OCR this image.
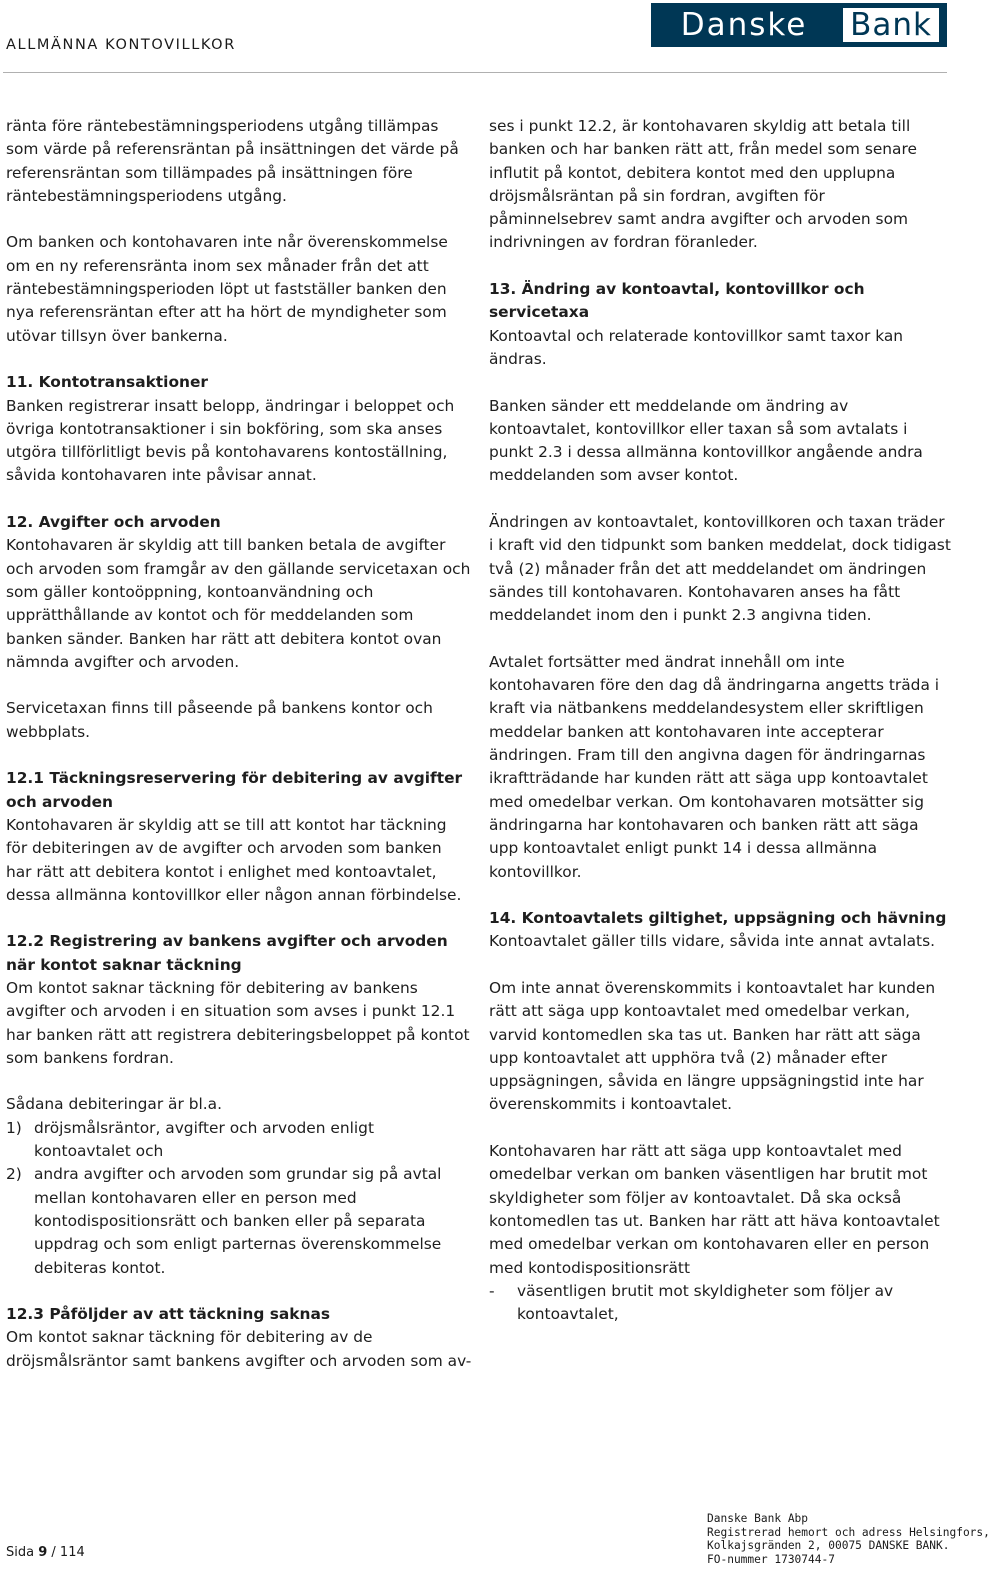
ALLMÄNNA KONTOVILLKOR
Danske	Bank

ränta före räntebestämningsperiodens utgång tillämpas som värde på referensräntan på insättningen det värde på referensräntan som tillämpades på insättningen före räntebestämningsperiodens utgång.

Om banken och kontohavaren inte når överenskommelse om en ny referensränta inom sex månader från det att räntebestämningsperioden löpt ut fastställer banken den nya referensräntan efter att ha hört de myndigheter som utövar tillsyn över bankerna.

11. Kontotransaktioner

Banken registrerar insatt belopp, ändringar i beloppet och övriga kontotransaktioner i sin bokföring, som ska anses utgöra tillförlitligt bevis på kontohavarens kontoställning, såvida kontohavaren inte påvisar annat.

12. Avgifter och arvoden

Kontohavaren är skyldig att till banken betala de avgifter och arvoden som framgår av den gällande servicetaxan och som gäller kontoöppning, kontoanvändning och upprätthållande av kontot och för meddelanden som banken sänder. Banken har rätt att debitera kontot ovan nämnda avgifter och arvoden.

Servicetaxan finns till påseende på bankens kontor och webbplats.

12.1 Täckningsreservering för debitering av avgifter och arvoden

Kontohavaren är skyldig att se till att kontot har täckning för debiteringen av de avgifter och arvoden som banken har rätt att debitera kontot i enlighet med kontoavtalet, dessa allmänna kontovillkor eller någon annan förbindelse.

12.2 Registrering av bankens avgifter och arvoden när kontot saknar täckning

Om kontot saknar täckning för debitering av bankens avgifter och arvoden i en situation som avses i punkt 12.1 har banken rätt att registrera debiteringsbeloppet på kontot som bankens fordran.

Sådana debiteringar är bl.a.
1) dröjsmålsräntor, avgifter och arvoden enligt kontoavtalet och
2) andra avgifter och arvoden som grundar sig på avtal mellan kontohavaren eller en person med kontodispositionsrätt och banken eller på separata uppdrag och som enligt parternas överenskommelse debiteras kontot.
12.3 Påföljder av att täckning saknas

Om kontot saknar täckning för debitering av de dröjsmålsräntor samt bankens avgifter och arvoden som av-

ses i punkt 12.2, är kontohavaren skyldig att betala till banken och har banken rätt att, från medel som senare influtit på kontot, debitera kontot med den upplupna dröjsmålsräntan på sin fordran, avgiften för påminnelsebrev samt andra avgifter och arvoden som indrivningen av fordran föranleder.

13. Ändring av kontoavtal, kontovillkor och servicetaxa

Kontoavtal och relaterade kontovillkor samt taxor kan ändras.

Banken sänder ett meddelande om ändring av kontoavtalet, kontovillkor eller taxan så som avtalats i punkt 2.3 i dessa allmänna kontovillkor angående andra meddelanden som avser kontot.

Ändringen av kontoavtalet, kontovillkoren och taxan träder i kraft vid den tidpunkt som banken meddelat, dock tidigast två (2) månader från det att meddelandet om ändringen sändes till kontohavaren. Kontohavaren anses ha fått meddelandet inom den i punkt 2.3 angivna tiden.

Avtalet fortsätter med ändrat innehåll om inte kontohavaren före den dag då ändringarna angetts träda i kraft via nätbankens meddelandesystem eller skriftligen meddelar banken att kontohavaren inte accepterar ändringen. Fram till den angivna dagen för ändringarnas ikraftträdande har kunden rätt att säga upp kontoavtalet med omedelbar verkan. Om kontohavaren motsätter sig ändringarna har kontohavaren och banken rätt att säga upp kontoavtalet enligt punkt 14 i dessa allmänna kontovillkor.

14. Kontoavtalets giltighet, uppsägning och hävning

Kontoavtalet gäller tills vidare, såvida inte annat avtalats.

Om inte annat överenskommits i kontoavtalet har kunden rätt att säga upp kontoavtalet med omedelbar verkan, varvid kontomedlen ska tas ut. Banken har rätt att säga upp kontoavtalet att upphöra två (2) månader efter uppsägningen, såvida en längre uppsägningstid inte har överenskommits i kontoavtalet.

Kontohavaren har rätt att säga upp kontoavtalet med omedelbar verkan om banken väsentligen har brutit mot skyldigheter som följer av kontoavtalet. Då ska också kontomedlen tas ut. Banken har rätt att häva kontoavtalet med omedelbar verkan om kontohavaren eller en person med kontodispositionsrätt

-	väsentligen brutit mot skyldigheter som följer av kontoavtalet,
Sida 9 / 114
Danske Bank Abp
Registrerad hemort och adress Helsingfors,
Kolkajsgränden 2, 00075 DANSKE BANK.
FO-nummer 1730744-7
